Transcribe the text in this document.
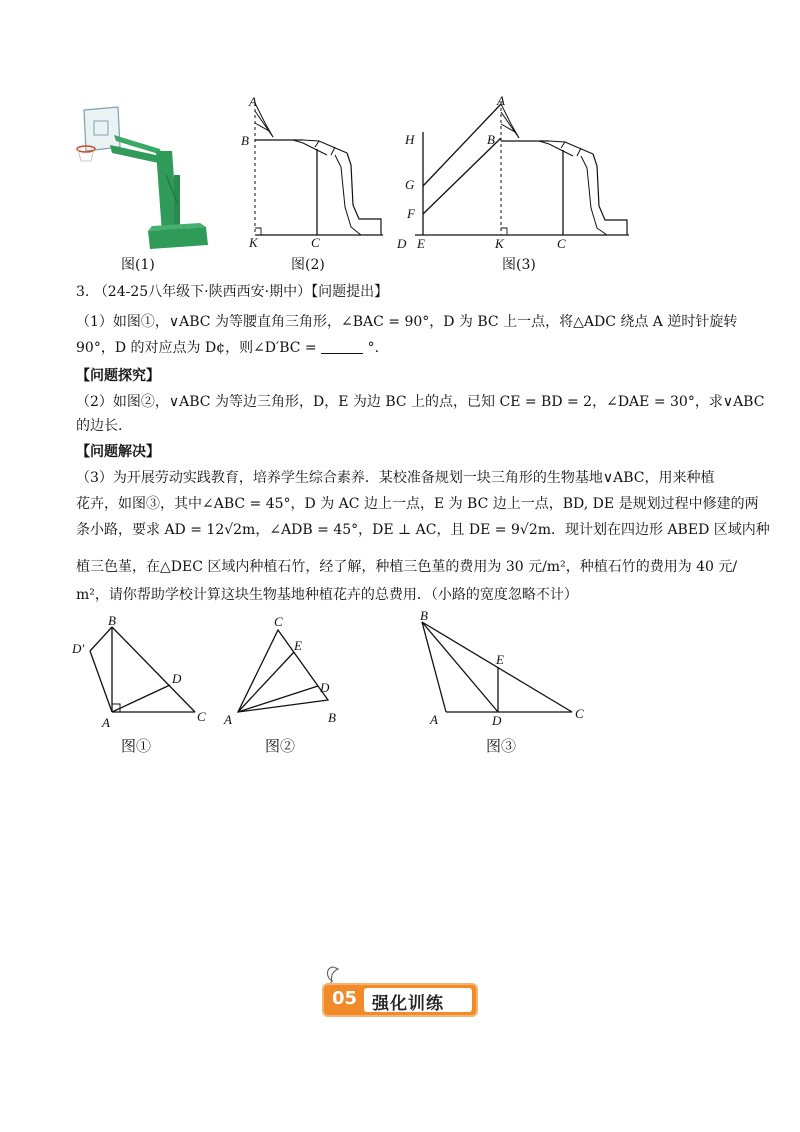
图(1)
A
B
K	C
图(2)
A
B
H
G
F
D E	K	C
图(3)
3. （24-25八年级下·陕西西安·期中）【问题提出】
（1）如图①，∨ABC 为等腰直角三角形，∠BAC = 90°，D 为 BC 上一点，将△ADC 绕点 A 逆时针旋转
90°，D 的对应点为 D¢，则∠D′BC =	°.
【问题探究】
（2）如图②，∨ABC 为等边三角形，D，E 为边 BC 上的点，已知 CE = BD = 2，∠DAE = 30°，求∨ABC
的边长.
【问题解决】
（3）为开展劳动实践教育，培养学生综合素养．某校准备规划一块三角形的生物基地∨ABC，用来种植
花卉，如图③，其中∠ABC = 45°，D 为 AC 边上一点，E 为 BC 边上一点，BD, DE 是规划过程中修建的两
条小路，要求 AD = 12√2m，∠ADB = 45°，DE ⊥ AC，且 DE = 9√2m．现计划在四边形 ABED 区域内种
植三色堇，在△DEC 区域内种植石竹，经了解，种植三色堇的费用为 30 元/m²，种植石竹的费用为 40 元/
m²，请你帮助学校计算这块生物基地种植花卉的总费用．（小路的宽度忽略不计）
B
D′
D
A	C
图①
C
E
D
A	B
图②
B
E
A	D	C
图③
05 强化训练
